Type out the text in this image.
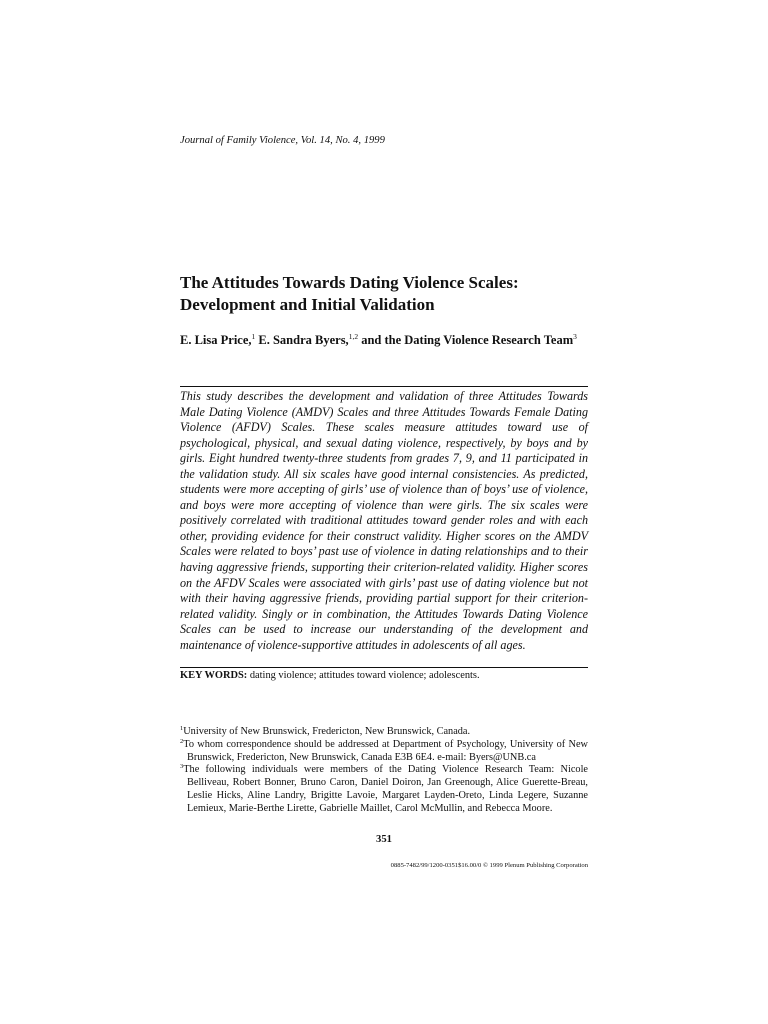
Journal of Family Violence, Vol. 14, No. 4, 1999
The Attitudes Towards Dating Violence Scales:
Development and Initial Validation
E. Lisa Price,$^1$ E. Sandra Byers,$^{1,2}$ and the Dating Violence Research Team$^3$

This study describes the development and validation of three Attitudes Towards Male Dating Violence (AMDV) Scales and three Attitudes Towards Female Dating Violence (AFDV) Scales. These scales measure attitudes toward use of psychological, physical, and sexual dating violence, respectively, by boys and by girls. Eight hundred twenty-three students from grades 7, 9, and 11 participated in the validation study. All six scales have good internal consistencies. As predicted, students were more accepting of girls’ use of violence than of boys’ use of violence, and boys were more accepting of violence than were girls. The six scales were positively correlated with traditional attitudes toward gender roles and with each other, providing evidence for their construct validity. Higher scores on the AMDV Scales were related to boys’ past use of violence in dating relationships and to their having aggressive friends, supporting their criterion-related validity. Higher scores on the AFDV Scales were associated with girls’ past use of dating violence but not with their having aggressive friends, providing partial support for their criterion-related validity. Singly or in combination, the Attitudes Towards Dating Violence Scales can be used to increase our understanding of the development and maintenance of violence-supportive attitudes in adolescents of all ages.

KEY WORDS: dating violence; attitudes toward violence; adolescents.
$^1$University of New Brunswick, Fredericton, New Brunswick, Canada.
$^2$To whom correspondence should be addressed at Department of Psychology, University of New Brunswick, Fredericton, New Brunswick, Canada E3B 6E4. e-mail: Byers@UNB.ca
$^3$The following individuals were members of the Dating Violence Research Team: Nicole Belliveau, Robert Bonner, Bruno Caron, Daniel Doiron, Jan Greenough, Alice Guerette-Breau, Leslie Hicks, Aline Landry, Brigitte Lavoie, Margaret Layden-Oreto, Linda Legere, Suzanne Lemieux, Marie-Berthe Lirette, Gabrielle Maillet, Carol McMullin, and Rebecca Moore.
351
0885-7482/99/1200-0351$16.00/0 © 1999 Plenum Publishing Corporation
